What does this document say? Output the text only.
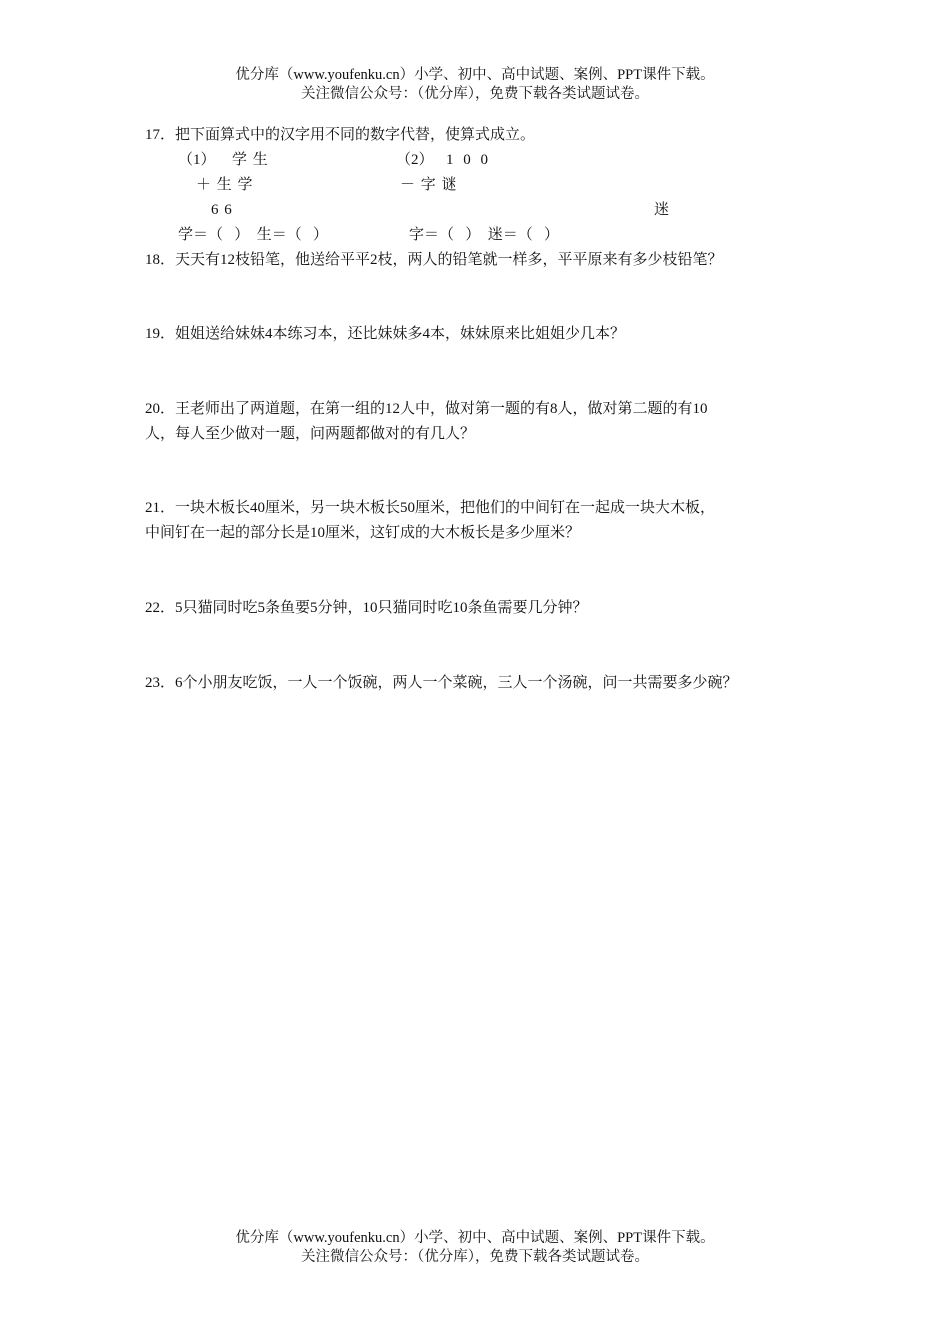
优分库（www.youfenku.cn）小学、初中、高中试题、案例、PPT课件下载。
关注微信公众号：（优分库），免费下载各类试题试卷。
17．把下面算式中的汉字用不同的数字代替，使算式成立。
（1） 学 生	（2） 1 0 0
＋ 生 学	－ 字 谜
6 6	迷
学＝（   ）  生＝（   ）	字＝（   ）  迷＝（   ）
18．天天有12枝铅笔，他送给平平2枝，两人的铅笔就一样多，平平原来有多少枝铅笔？
19．姐姐送给妹妹4本练习本，还比妹妹多4本，妹妹原来比姐姐少几本？
20．王老师出了两道题，在第一组的12人中，做对第一题的有8人，做对第二题的有10
人，每人至少做对一题，问两题都做对的有几人？
21．一块木板长40厘米，另一块木板长50厘米，把他们的中间钉在一起成一块大木板，
中间钉在一起的部分长是10厘米，这钉成的大木板长是多少厘米？
22．5只猫同时吃5条鱼要5分钟，10只猫同时吃10条鱼需要几分钟？
23．6个小朋友吃饭，一人一个饭碗，两人一个菜碗，三人一个汤碗，问一共需要多少碗？
优分库（www.youfenku.cn）小学、初中、高中试题、案例、PPT课件下载。
关注微信公众号：（优分库），免费下载各类试题试卷。
